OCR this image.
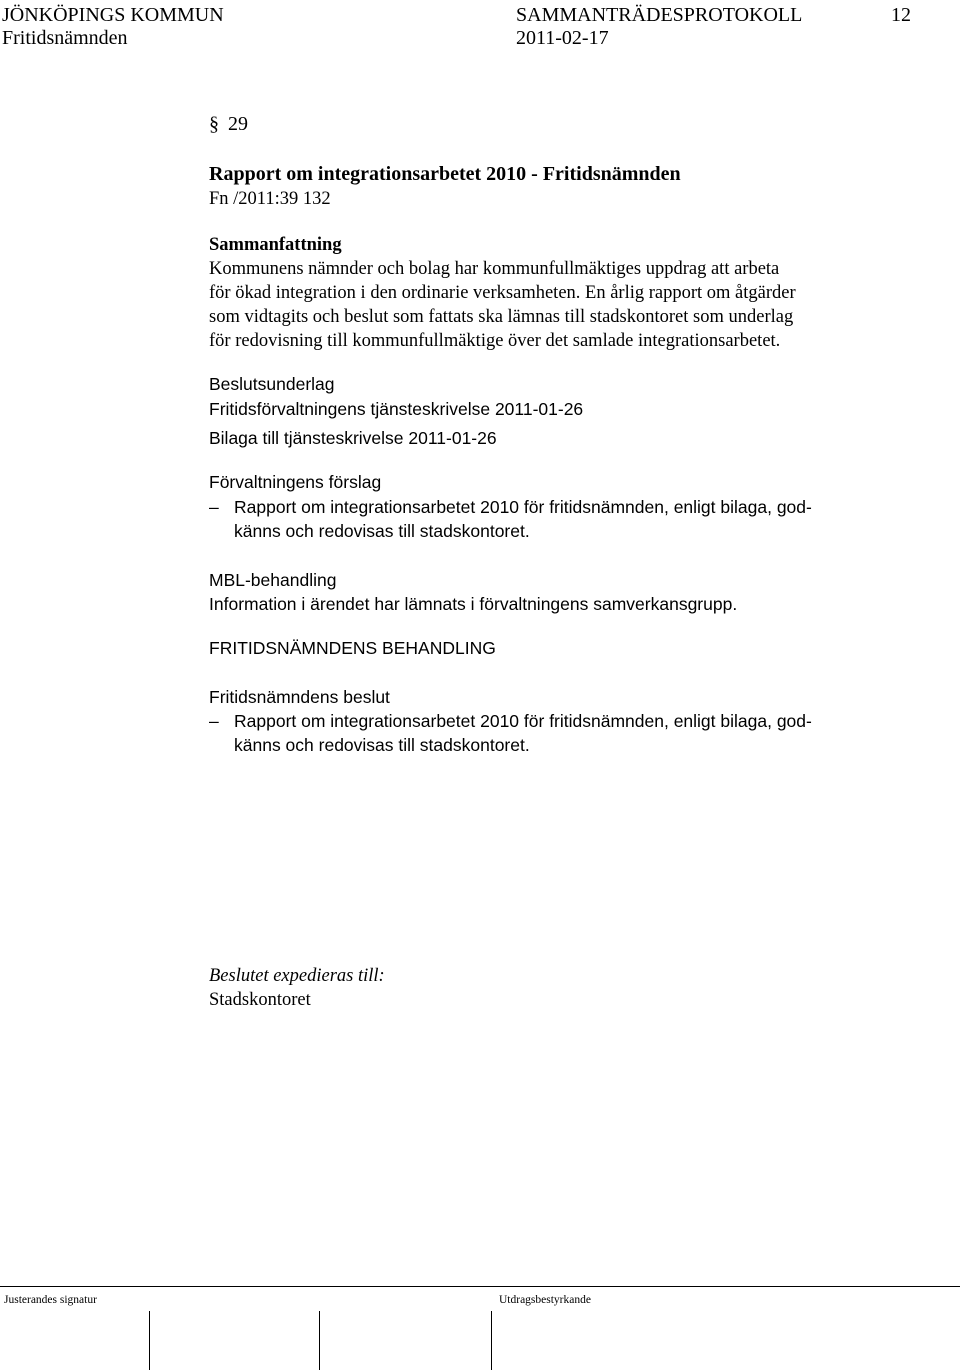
JÖNKÖPINGS KOMMUN
Fritidsnämnden
SAMMANTRÄDESPROTOKOLL
2011-02-17
12
§ 29
Rapport om integrationsarbetet 2010 - Fritidsnämnden
Fn /2011:39 132
Sammanfattning
Kommunens nämnder och bolag har kommunfullmäktiges uppdrag att arbeta
för ökad integration i den ordinarie verksamheten. En årlig rapport om åtgärder
som vidtagits och beslut som fattats ska lämnas till stadskontoret som underlag
för redovisning till kommunfullmäktige över det samlade integrationsarbetet.
Beslutsunderlag
Fritidsförvaltningens tjänsteskrivelse 2011-01-26
Bilaga till tjänsteskrivelse 2011-01-26
Förvaltningens förslag
– Rapport om integrationsarbetet 2010 för fritidsnämnden, enligt bilaga, god-
känns och redovisas till stadskontoret.
MBL-behandling
Information i ärendet har lämnats i förvaltningens samverkansgrupp.
FRITIDSNÄMNDENS BEHANDLING
Fritidsnämndens beslut
– Rapport om integrationsarbetet 2010 för fritidsnämnden, enligt bilaga, god-
känns och redovisas till stadskontoret.
Beslutet expedieras till:
Stadskontoret
Justerandes signatur	Utdragsbestyrkande
